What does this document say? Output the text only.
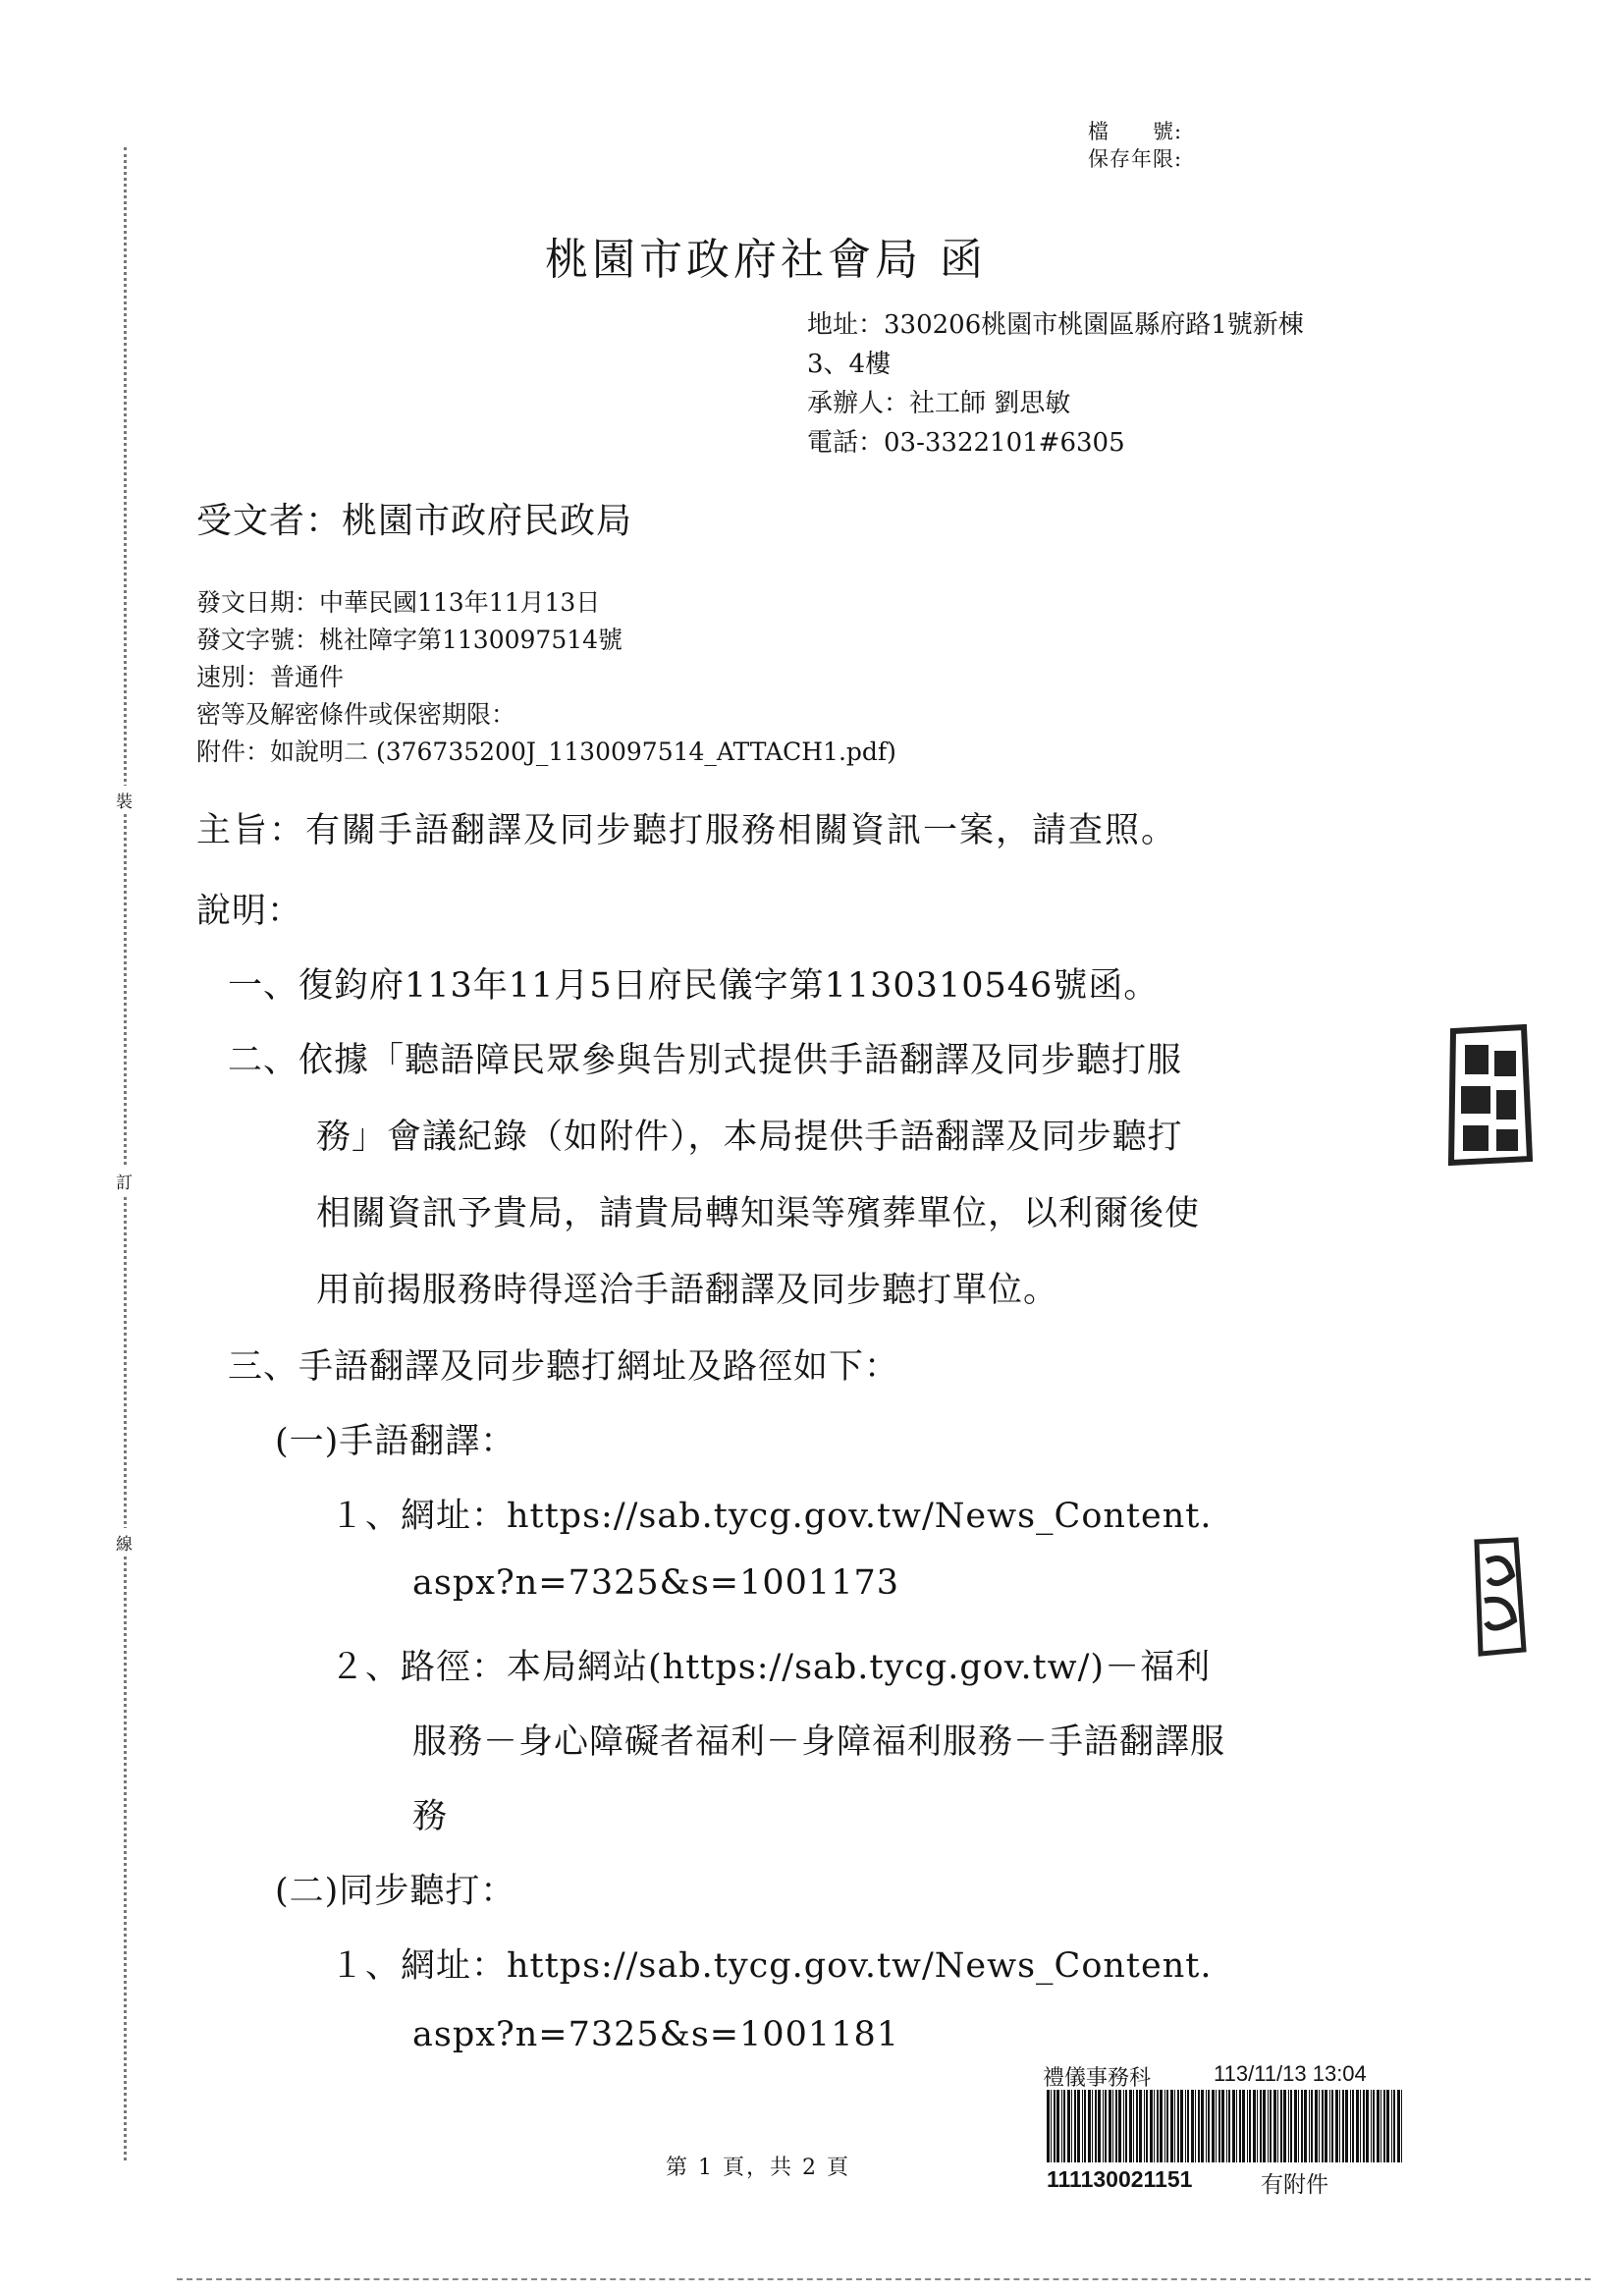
裝
訂
線
檔　　號:
保存年限:
桃園市政府社會局 函
地址：330206桃園市桃園區縣府路1號新棟
3、4樓
承辦人：社工師 劉思敏
電話：03-3322101#6305
受文者：桃園市政府民政局
發文日期：中華民國113年11月13日
發文字號：桃社障字第1130097514號
速別：普通件
密等及解密條件或保密期限：
附件：如說明二 (376735200J_1130097514_ATTACH1.pdf)
主旨：有關手語翻譯及同步聽打服務相關資訊一案，請查照。
說明：
一、復鈞府113年11月5日府民儀字第1130310546號函。
二、依據「聽語障民眾參與告別式提供手語翻譯及同步聽打服
務」會議紀錄（如附件），本局提供手語翻譯及同步聽打
相關資訊予貴局，請貴局轉知渠等殯葬單位，以利爾後使
用前揭服務時得逕洽手語翻譯及同步聽打單位。
三、手語翻譯及同步聽打網址及路徑如下：
(一)手語翻譯：
１、網址：https://sab.tycg.gov.tw/News_Content.
aspx?n=7325&s=1001173
２、路徑：本局網站(https://sab.tycg.gov.tw/)－福利
服務－身心障礙者福利－身障福利服務－手語翻譯服
務
(二)同步聽打：
１、網址：https://sab.tycg.gov.tw/News_Content.
aspx?n=7325&s=1001181
禮儀事務科	113/11/13 13:04
111130021151	有附件
第 1 頁，共 2 頁
